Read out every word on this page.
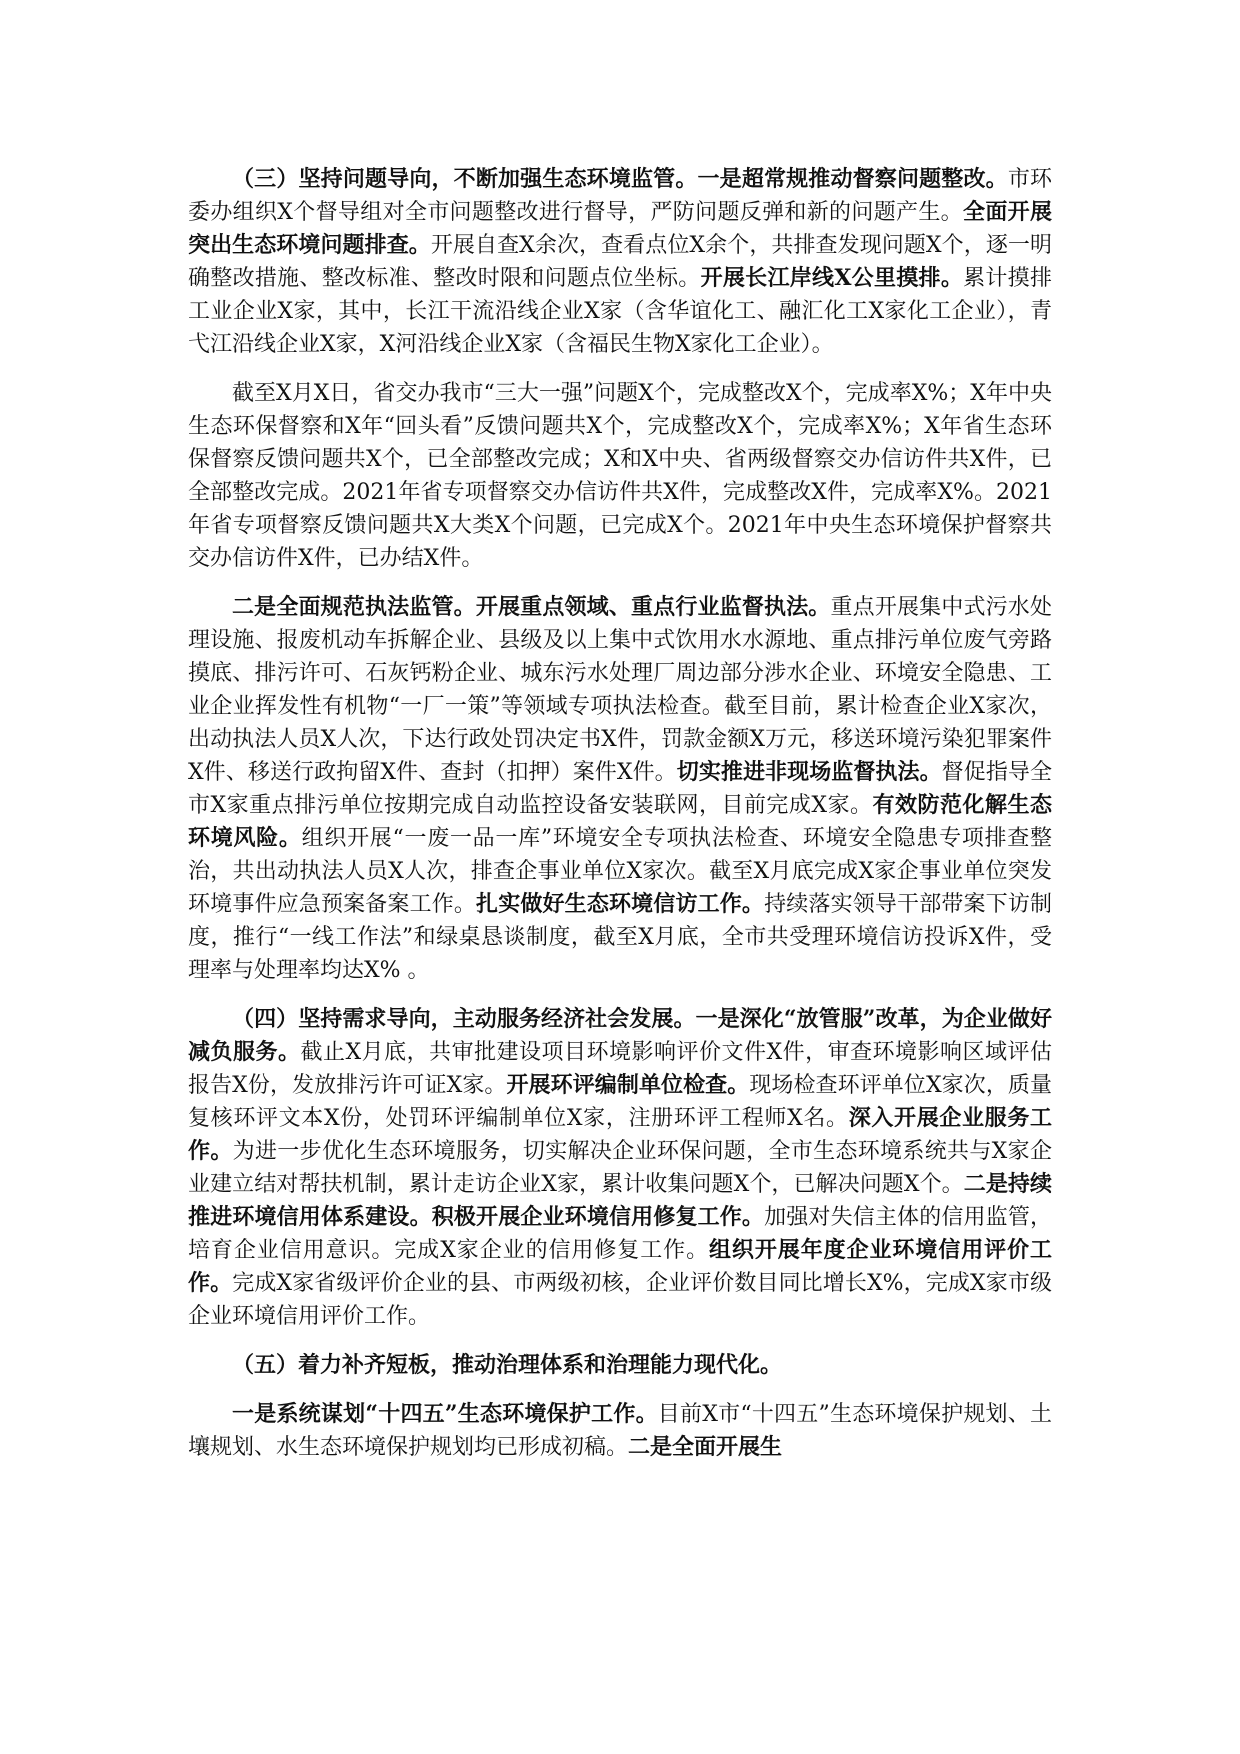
（三）坚持问题导向，不断加强生态环境监管。一是超常规推动督察问题整改。市环委办组织X个督导组对全市问题整改进行督导，严防问题反弹和新的问题产生。全面开展突出生态环境问题排查。开展自查X余次，查看点位X余个，共排查发现问题X个，逐一明确整改措施、整改标准、整改时限和问题点位坐标。开展长江岸线X公里摸排。累计摸排工业企业X家，其中，长江干流沿线企业X家（含华谊化工、融汇化工X家化工企业），青弋江沿线企业X家，X河沿线企业X家（含福民生物X家化工企业）。

截至X月X日，省交办我市“三大一强”问题X个，完成整改X个，完成率X%；X年中央生态环保督察和X年“回头看”反馈问题共X个，完成整改X个，完成率X%；X年省生态环保督察反馈问题共X个，已全部整改完成；X和X中央、省两级督察交办信访件共X件，已全部整改完成。2021年省专项督察交办信访件共X件，完成整改X件，完成率X%。2021年省专项督察反馈问题共X大类X个问题，已完成X个。2021年中央生态环境保护督察共交办信访件X件，已办结X件。

二是全面规范执法监管。开展重点领域、重点行业监督执法。重点开展集中式污水处理设施、报废机动车拆解企业、县级及以上集中式饮用水水源地、重点排污单位废气旁路摸底、排污许可、石灰钙粉企业、城东污水处理厂周边部分涉水企业、环境安全隐患、工业企业挥发性有机物“一厂一策”等领域专项执法检查。截至目前，累计检查企业X家次，出动执法人员X人次，下达行政处罚决定书X件，罚款金额X万元，移送环境污染犯罪案件X件、移送行政拘留X件、查封（扣押）案件X件。切实推进非现场监督执法。督促指导全市X家重点排污单位按期完成自动监控设备安装联网，目前完成X家。有效防范化解生态环境风险。组织开展“一废一品一库”环境安全专项执法检查、环境安全隐患专项排查整治，共出动执法人员X人次，排查企事业单位X家次。截至X月底完成X家企事业单位突发环境事件应急预案备案工作。扎实做好生态环境信访工作。持续落实领导干部带案下访制度，推行“一线工作法”和绿桌恳谈制度，截至X月底，全市共受理环境信访投诉X件，受理率与处理率均达X% 。

（四）坚持需求导向，主动服务经济社会发展。一是深化“放管服”改革，为企业做好减负服务。截止X月底，共审批建设项目环境影响评价文件X件，审查环境影响区域评估报告X份，发放排污许可证X家。开展环评编制单位检查。现场检查环评单位X家次，质量复核环评文本X份，处罚环评编制单位X家，注册环评工程师X名。深入开展企业服务工作。为进一步优化生态环境服务，切实解决企业环保问题，全市生态环境系统共与X家企业建立结对帮扶机制，累计走访企业X家，累计收集问题X个，已解决问题X个。二是持续推进环境信用体系建设。积极开展企业环境信用修复工作。加强对失信主体的信用监管，培育企业信用意识。完成X家企业的信用修复工作。组织开展年度企业环境信用评价工作。完成X家省级评价企业的县、市两级初核，企业评价数目同比增长X%，完成X家市级企业环境信用评价工作。

（五）着力补齐短板，推动治理体系和治理能力现代化。

一是系统谋划“十四五”生态环境保护工作。目前X市“十四五”生态环境保护规划、土壤规划、水生态环境保护规划均已形成初稿。二是全面开展生
